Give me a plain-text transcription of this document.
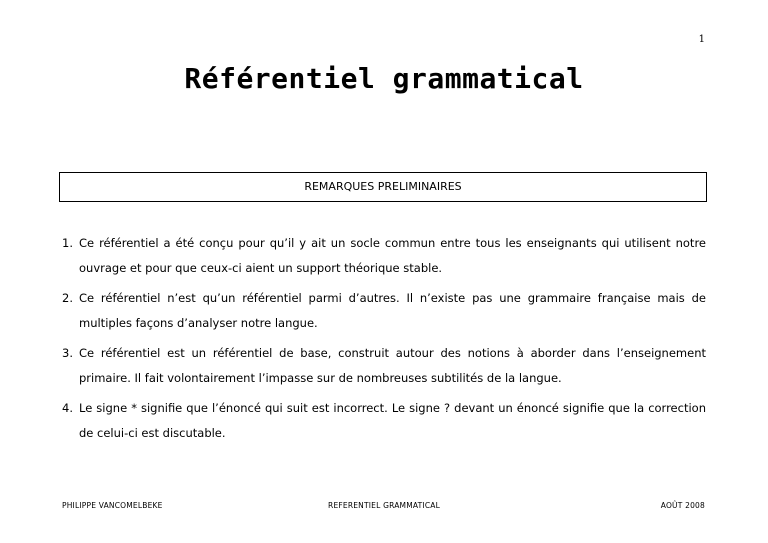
1
Référentiel grammatical
REMARQUES PRELIMINAIRES
1. Ce référentiel a été conçu pour qu’il y ait un socle commun entre tous les enseignants qui utilisent notre ouvrage et pour que ceux-ci aient un support théorique stable.
2. Ce référentiel n’est qu’un référentiel parmi d’autres. Il n’existe pas une grammaire française mais de multiples façons d’analyser notre langue.
3. Ce référentiel est un référentiel de base, construit autour des notions à aborder dans l’enseignement primaire. Il fait volontairement l’impasse sur de nombreuses subtilités de la langue.
4. Le signe * signifie que l’énoncé qui suit est incorrect. Le signe ? devant un énoncé signifie que la correction de celui-ci est discutable.
PHILIPPE VANCOMELBEKE	REFERENTIEL GRAMMATICAL	AOÛT 2008
